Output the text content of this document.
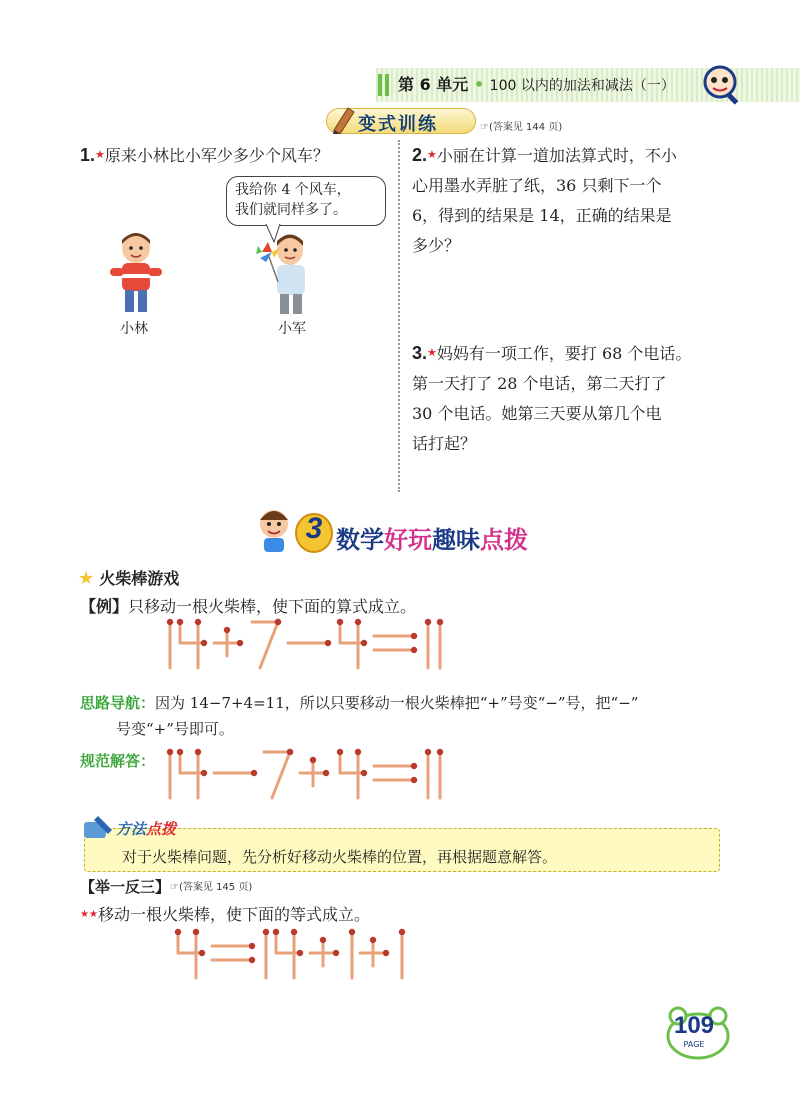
第 6 单元 • 100 以内的加法和减法（一）
变式训练	☞(答案见 144 页)
1.★原来小林比小军少多少个风车？
我给你 4 个风车，
我们就同样多了。
小林	小军
2.★小丽在计算一道加法算式时，不小
心用墨水弄脏了纸，36 只剩下一个
6，得到的结果是 14，正确的结果是
多少？
3.★妈妈有一项工作，要打 68 个电话。
第一天打了 28 个电话，第二天打了
30 个电话。她第三天要从第几个电
话打起？
3 数学好玩趣味点拨
★ 火柴棒游戏
【例】只移动一根火柴棒，使下面的算式成立。
思路导航：因为 14−7+4=11，所以只要移动一根火柴棒把“+”号变“−”号，把“−”
号变“+”号即可。
规范解答：
方法点拨
对于火柴棒问题，先分析好移动火柴棒的位置，再根据题意解答。
【举一反三】☞(答案见 145 页)
★★移动一根火柴棒，使下面的等式成立。
109
PAGE
